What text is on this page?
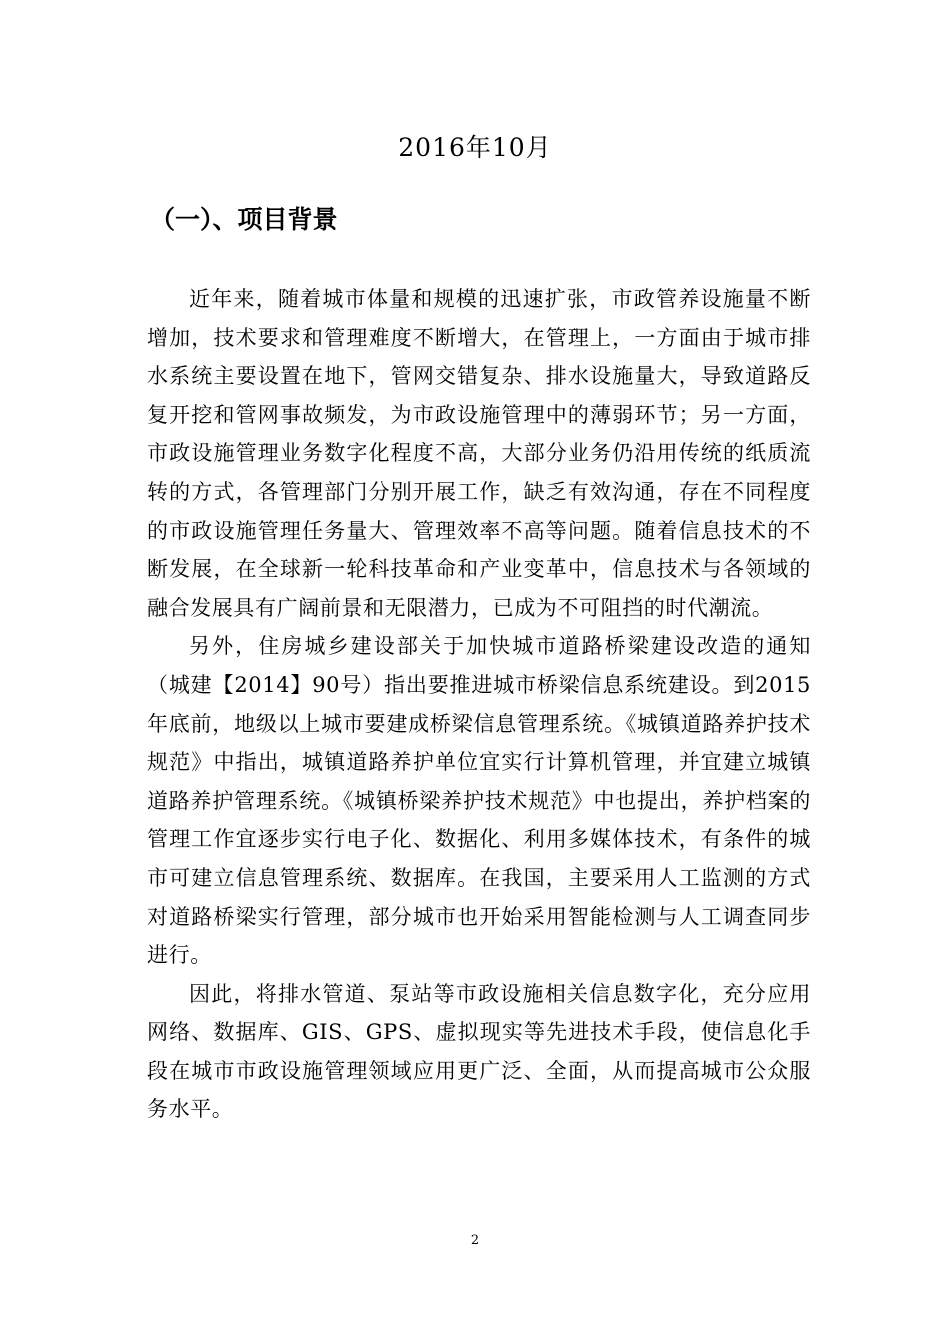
2016年10月
（一）、项目背景

近年来，随着城市体量和规模的迅速扩张，市政管养设施量不断增加，技术要求和管理难度不断增大，在管理上，一方面由于城市排水系统主要设置在地下，管网交错复杂、排水设施量大，导致道路反复开挖和管网事故频发，为市政设施管理中的薄弱环节；另一方面，市政设施管理业务数字化程度不高，大部分业务仍沿用传统的纸质流转的方式，各管理部门分别开展工作，缺乏有效沟通，存在不同程度的市政设施管理任务量大、管理效率不高等问题。随着信息技术的不断发展，在全球新一轮科技革命和产业变革中，信息技术与各领域的融合发展具有广阔前景和无限潜力，已成为不可阻挡的时代潮流。

另外，住房城乡建设部关于加快城市道路桥梁建设改造的通知（城建【2014】90号）指出要推进城市桥梁信息系统建设。到2015年底前，地级以上城市要建成桥梁信息管理系统。《城镇道路养护技术规范》中指出，城镇道路养护单位宜实行计算机管理，并宜建立城镇道路养护管理系统。《城镇桥梁养护技术规范》中也提出，养护档案的管理工作宜逐步实行电子化、数据化、利用多媒体技术，有条件的城市可建立信息管理系统、数据库。在我国，主要采用人工监测的方式对道路桥梁实行管理，部分城市也开始采用智能检测与人工调查同步进行。

因此，将排水管道、泵站等市政设施相关信息数字化，充分应用网络、数据库、GIS、GPS、虚拟现实等先进技术手段，使信息化手段在城市市政设施管理领域应用更广泛、全面，从而提高城市公众服务水平。

2
